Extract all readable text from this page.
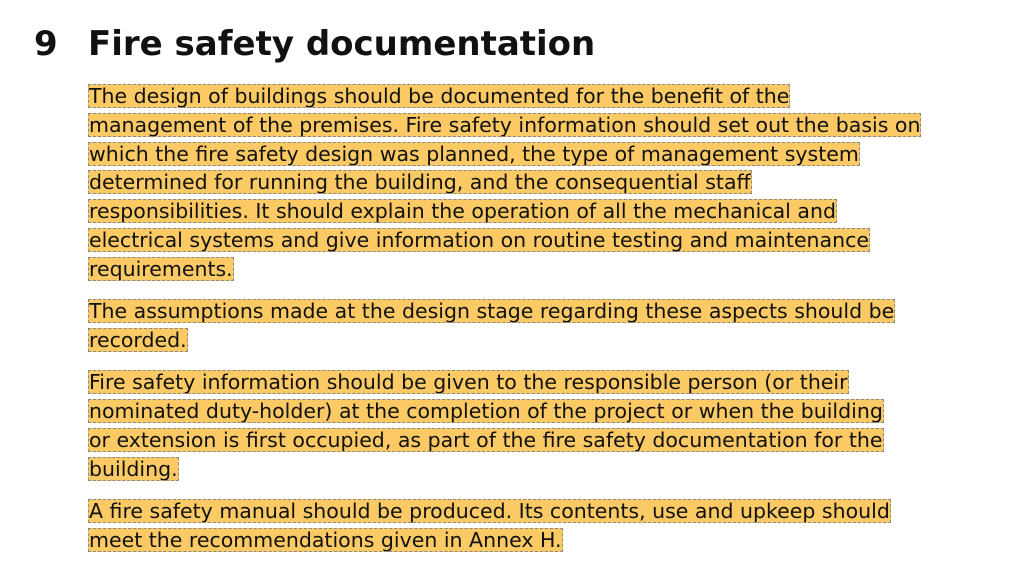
9 Fire safety documentation
The design of buildings should be documented for the benefit of the
management of the premises. Fire safety information should set out the basis on
which the fire safety design was planned, the type of management system
determined for running the building, and the consequential staff
responsibilities. It should explain the operation of all the mechanical and
electrical systems and give information on routine testing and maintenance
requirements.
The assumptions made at the design stage regarding these aspects should be
recorded.
Fire safety information should be given to the responsible person (or their
nominated duty-holder) at the completion of the project or when the building
or extension is first occupied, as part of the fire safety documentation for the
building.
A fire safety manual should be produced. Its contents, use and upkeep should
meet the recommendations given in Annex H.
